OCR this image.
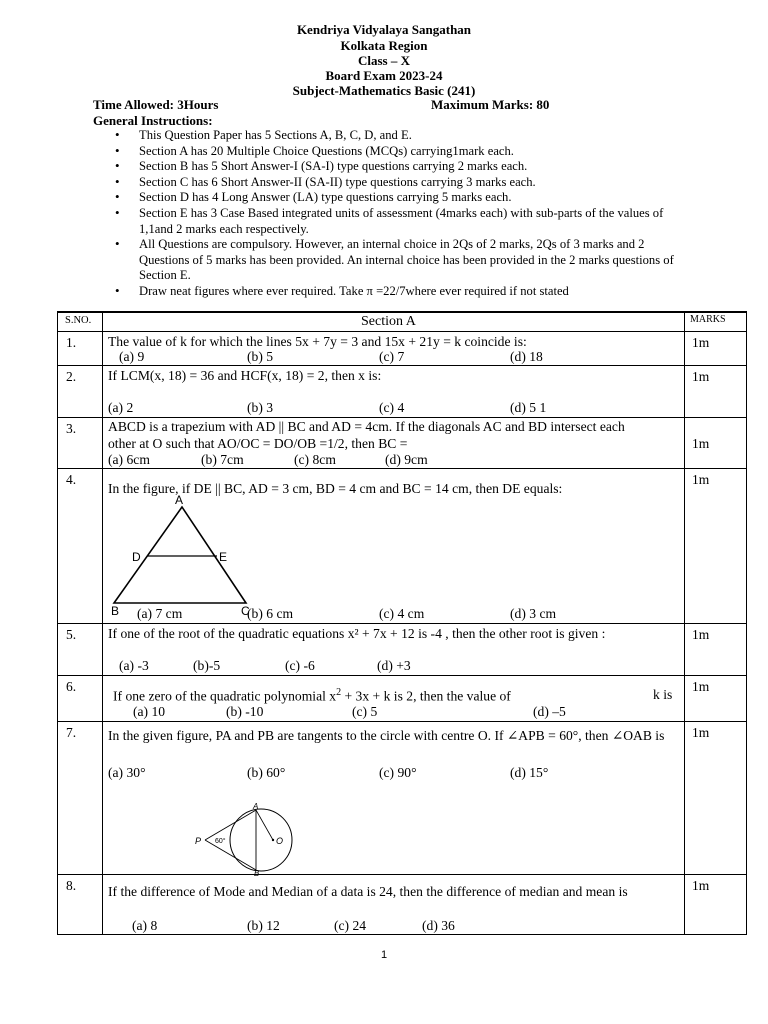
Kendriya Vidyalaya Sangathan
Kolkata Region
Class – X
Board Exam 2023-24
Subject-Mathematics Basic (241)
Time Allowed: 3Hours	Maximum Marks: 80
General Instructions:
• This Question Paper has 5 Sections A, B, C, D, and E.
• Section A has 20 Multiple Choice Questions (MCQs) carrying1mark each.
• Section B has 5 Short Answer-I (SA-I) type questions carrying 2 marks each.
• Section C has 6 Short Answer-II (SA-II) type questions carrying 3 marks each.
• Section D has 4 Long Answer (LA) type questions carrying 5 marks each.
• Section E has 3 Case Based integrated units of assessment (4marks each) with sub-parts of the values of 1,1and 2 marks each respectively.
• All Questions are compulsory. However, an internal choice in 2Qs of 2 marks, 2Qs of 3 marks and 2 Questions of 5 marks has been provided. An internal choice has been provided in the 2 marks questions of Section E.
• Draw neat figures where ever required. Take π =22/7where ever required if not stated
S.NO.	Section A	MARKS
1. The value of k for which the lines 5x + 7y = 3 and 15x + 21y = k coincide is:
(a) 9	(b) 5	(c) 7	(d) 18
1m
2. If LCM(x, 18) = 36 and HCF(x, 18) = 2, then x is:
(a) 2	(b) 3	(c) 4	(d) 5 1
1m
3. ABCD is a trapezium with AD || BC and AD = 4cm. If the diagonals AC and BD intersect each other at O such that AO/OC = DO/OB =1/2, then BC =
(a) 6cm	(b) 7cm	(c) 8cm	(d) 9cm
1m
4.
In the figure, if DE || BC, AD = 3 cm, BD = 4 cm and BC = 14 cm, then DE equals:
A
D	E
B	C
(a) 7 cm	(b) 6 cm	(c) 4 cm	(d) 3 cm
1m
5. If one of the root of the quadratic equations x² + 7x + 12 is -4 , then the other root is given :
(a) -3	(b)-5	(c) -6	(d) +3
1m
6.
If one zero of the quadratic polynomial $x^2 + 3x + k$ is 2, then the value of	k is
(a) 10	(b) -10	(c) 5	(d) –5
1m
7. In the given figure, PA and PB are tangents to the circle with centre O. If ∠APB = 60°, then ∠OAB is
(a) 30°	(b) 60°	(c) 90°	(d) 15°
P 60°
A
O
B
1m
8. If the difference of Mode and Median of a data is 24, then the difference of median and mean is
(a) 8	(b) 12	(c) 24	(d) 36
1m
1
